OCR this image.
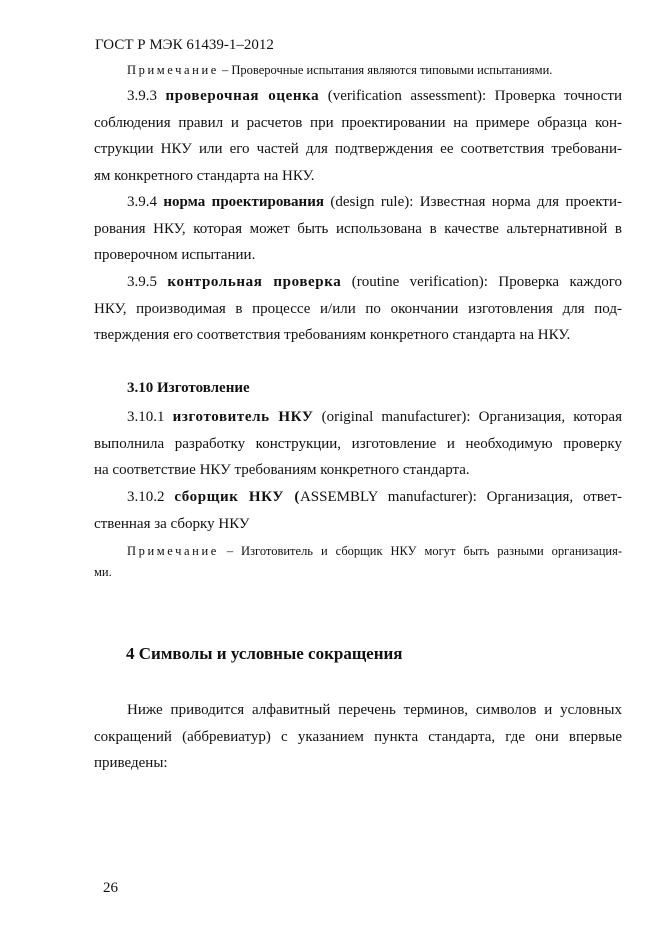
ГОСТ Р МЭК 61439-1–2012
Примечание – Проверочные испытания являются типовыми испытаниями.
3.9.3 проверочная оценка (verification assessment): Проверка точности
соблюдения правил и расчетов при проектировании на примере образца кон-
струкции НКУ или его частей для подтверждения ее соответствия требовани-
ям конкретного стандарта на НКУ.
3.9.4 норма проектирования (design rule): Известная норма для проекти-
рования НКУ, которая может быть использована в качестве альтернативной в
проверочном испытании.
3.9.5 контрольная проверка (routine verification): Проверка каждого
НКУ, производимая в процессе и/или по окончании изготовления для под-
тверждения его соответствия требованиям конкретного стандарта на НКУ.
3.10 Изготовление
3.10.1 изготовитель НКУ (original manufacturer): Организация, которая
выполнила разработку конструкции, изготовление и необходимую проверку
на соответствие НКУ требованиям конкретного стандарта.
3.10.2 сборщик НКУ (ASSEMBLY manufacturer): Организация, ответ-
ственная за сборку НКУ
Примечание – Изготовитель и сборщик НКУ могут быть разными организация-
ми.
4 Символы и условные сокращения
Ниже приводится алфавитный перечень терминов, символов и условных
сокращений (аббревиатур) с указанием пункта стандарта, где они впервые
приведены:
26
